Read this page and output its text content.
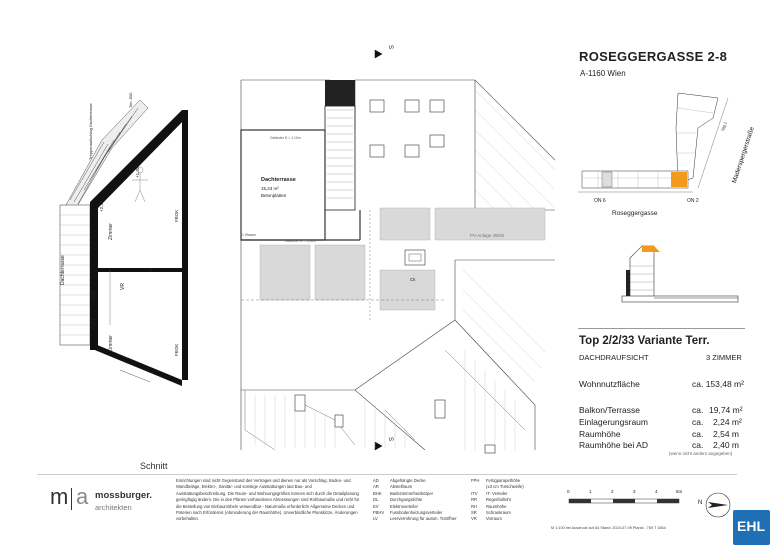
Dachterrasse
Zimmer
Zimmer
VR
FBOK
FBOK
Treppenaufschlag Dachterrasse
Ton. 800
+1,32
+2,17
+2,48
+2,54
1
Schnitt
S
S
Dachterrasse
15,23 m²
Betonplatten
PV-Anlage 45kW
Ck
Geländer H = 1,10m
Geländer H = 1,10m
1 Wasser
ROSEGGERGASSE 2-8
A-1160 Wien
Roseggergasse
Maderspergerstraße
ON 6	ON 2
Stg 1
Top 2/2/33 Variante Terr.
DACHDRAUFSICHT	3 ZIMMER
Wohnnutzfläche	ca. 153,48 m²
Balkon/Terrasse	ca. 19,74 m²
Einlagerungsraum	ca. 2,24 m²
Raumhöhe	ca. 2,54 m
Raumhöhe bei AD	ca. 2,40 m
(wenn nicht anders angegeben)
m a mossburger.
architekten
Einrichtungen sind nicht Gegenstand des Vertrages und dienen nur als Vorschlag. Boden- und Wandbeläge, Elektro-, Sanitär- und sonstige Ausstattungen laut Bau- und Ausstattungsbeschreibung. Die Raum- und Wohnungsgrößen können sich durch die Detailplanung geringfügig ändern. Die in den Plänen vorhandenen Abmessungen sind Rohbaumaße und nicht für die Bestellung von Einbaumöbeln verwendbar - Naturmaße erforderlich! Allgemeine Decken und Poterien nach Erfordernis (Abminderung der Raumhöhe). Unverbindliche Planskizze, Änderungen vorbehalten.
AD	Abgehängte Decke
AR	Abstellraum
BHK Badezimmerheizkörper
DL	Durchgangslichte
EV	Elektroverteiler
FBHV Fussbodenheizungsverteiler
LV	Leerverrohrung für autom. Türöffner
FPH Fertigparapethöhe
(±3 cm Türschwelle)
ITV IT- Verteiler
RR Regenfallrohr
RH Raumhöhe
SR Schrankraum
VR Vorraum
0	1	2	3	4	5m
M 1:100 bei Ausdruck auf A4 Stand: 2024-07-09 Planst.: 769 T 1664
N
EHL
